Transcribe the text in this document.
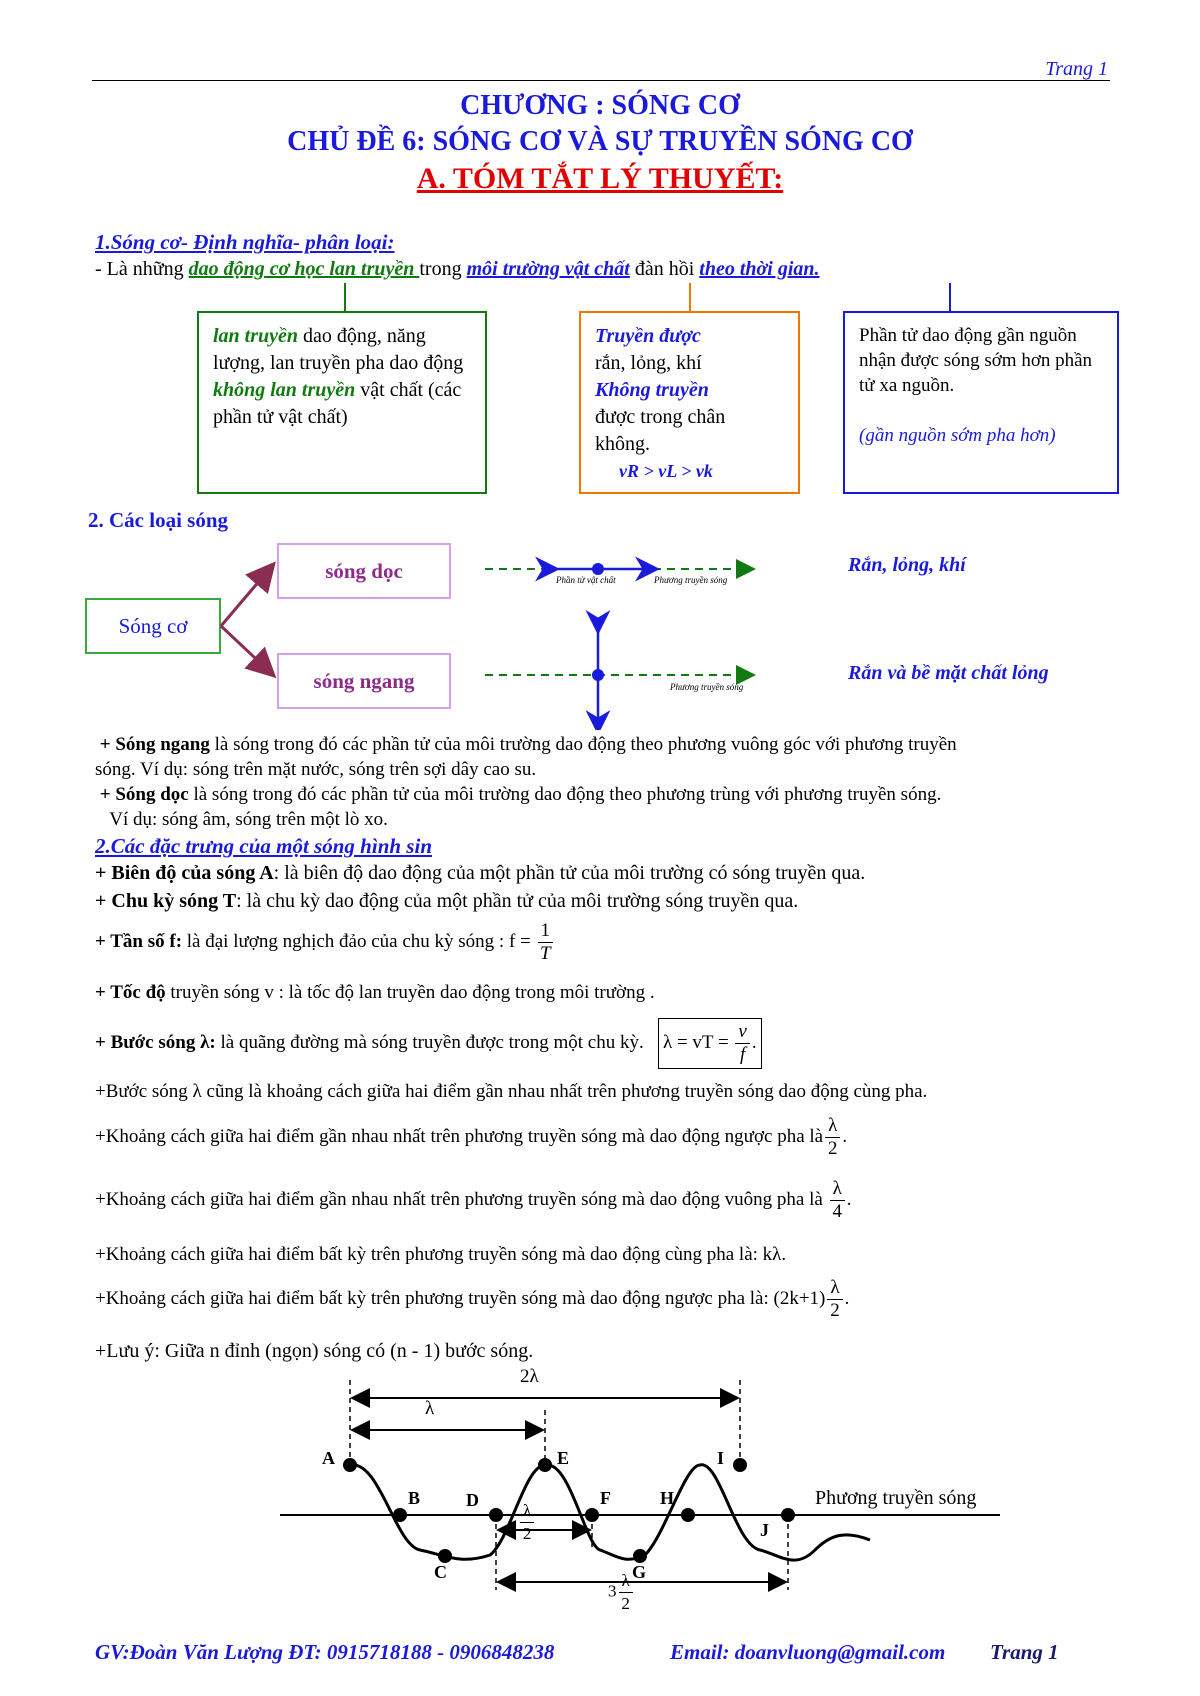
Trang 1
CHƯƠNG : SÓNG CƠ
CHỦ ĐỀ 6: SÓNG CƠ VÀ SỰ TRUYỀN SÓNG CƠ
A. TÓM TẮT LÝ THUYẾT:
1.Sóng cơ- Định nghĩa- phân loại:
- Là những dao động cơ học lan truyền trong môi trường vật chất đàn hồi theo thời gian.
lan truyền dao động, năng lượng, lan truyền pha dao động
không lan truyền vật chất (các phần tử vật chất)
Truyền được
rắn, lỏng, khí
Không truyền
được trong chân không.
vR > vL > vk
Phần tử dao động gần nguồn nhận được sóng sớm hơn phần tử xa nguồn.

(gần nguồn sớm pha hơn)
2. Các loại sóng
Sóng cơ
sóng dọc
sóng ngang
Phần tử vật chất	Phương truyền sóng
Phương truyền sóng
Rắn, lỏng, khí
Rắn và bề mặt chất lỏng
+ Sóng ngang là sóng trong đó các phần tử của môi trường dao động theo phương vuông góc với phương truyền
sóng. Ví dụ: sóng trên mặt nước, sóng trên sợi dây cao su.
+ Sóng dọc là sóng trong đó các phần tử của môi trường dao động theo phương trùng với phương truyền sóng.
Ví dụ: sóng âm, sóng trên một lò xo.
2.Các đặc trưng của một sóng hình sin
+ Biên độ của sóng A: là biên độ dao động của một phần tử của môi trường có sóng truyền qua.
+ Chu kỳ sóng T: là chu kỳ dao động của một phần tử của môi trường sóng truyền qua.
+ Tần số f: là đại lượng nghịch đảo của chu kỳ sóng : $f = \frac{1}{T}$
+ Tốc độ truyền sóng v : là tốc độ lan truyền dao động trong môi trường .
+ Bước sóng λ: là quãng đường mà sóng truyền được trong một chu kỳ. λ = vT = $\frac{v}{f}$ .
+Bước sóng λ cũng là khoảng cách giữa hai điểm gần nhau nhất trên phương truyền sóng dao động cùng pha.
+Khoảng cách giữa hai điểm gần nhau nhất trên phương truyền sóng mà dao động ngược pha là $\frac{\lambda}{2}$ .
+Khoảng cách giữa hai điểm gần nhau nhất trên phương truyền sóng mà dao động vuông pha là $\frac{\lambda}{4}$ .
+Khoảng cách giữa hai điểm bất kỳ trên phương truyền sóng mà dao động cùng pha là: kλ.
+Khoảng cách giữa hai điểm bất kỳ trên phương truyền sóng mà dao động ngược pha là: $(2k+1) \frac{\lambda}{2}$ .
+Lưu ý: Giữa n đỉnh (ngọn) sóng có (n - 1) bước sóng.
2λ
λ
$\frac{\lambda}{2}$
$3 \frac{\lambda}{2}$
Phương truyền sóng
A
B
C
D
E
F
G
H
I
J
GV:Đoàn Văn Lượng ĐT: 0915718188 - 0906848238	Email: doanvluong@gmail.com Trang 1
